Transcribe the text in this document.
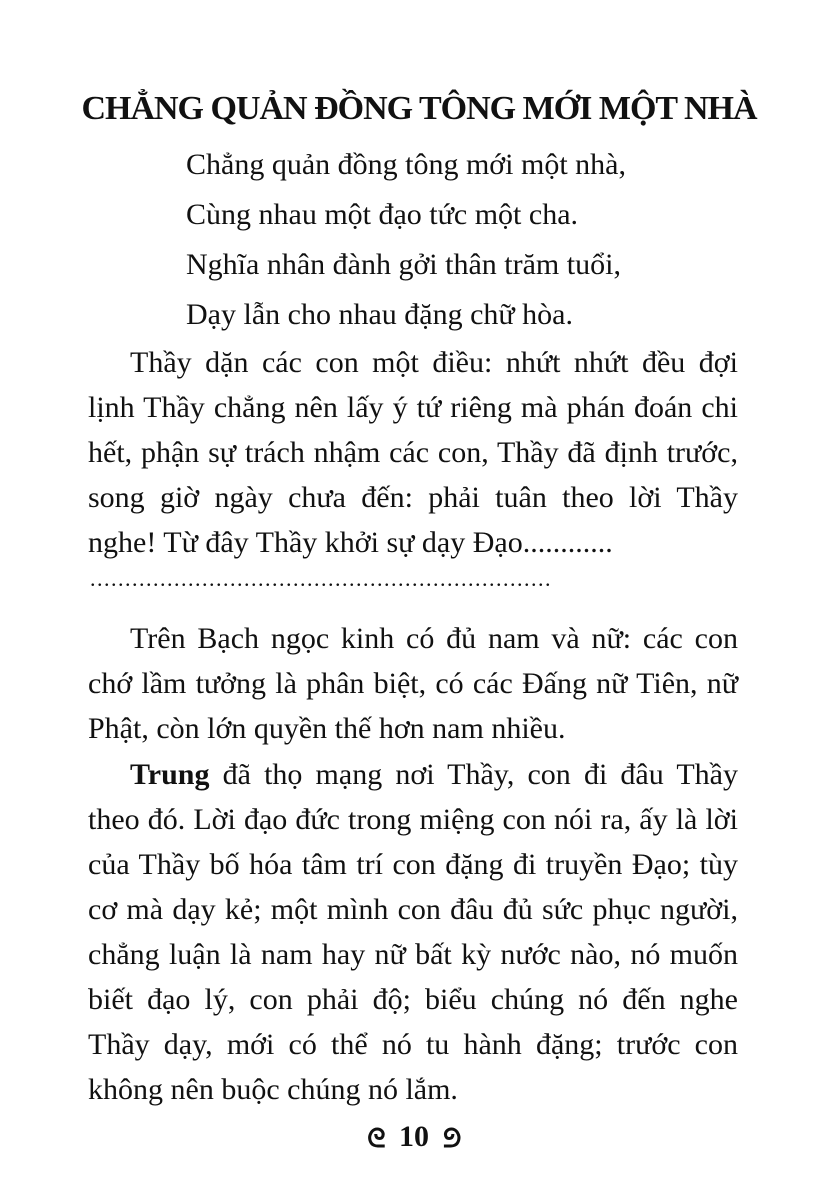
CHẲNG QUẢN ĐỒNG TÔNG MỚI MỘT NHÀ
Chẳng quản đồng tông mới một nhà,
Cùng nhau một đạo tức một cha.
Nghĩa nhân đành gởi thân trăm tuổi,
Dạy lẫn cho nhau đặng chữ hòa.
Thầy dặn các con một điều: nhứt nhứt đều đợi lịnh Thầy chẳng nên lấy ý tứ riêng mà phán đoán chi hết, phận sự trách nhậm các con, Thầy đã định trước, song giờ ngày chưa đến: phải tuân theo lời Thầy nghe! Từ đây Thầy khởi sự dạy Đạo............
..................................................................
Trên Bạch ngọc kinh có đủ nam và nữ: các con chớ lầm tưởng là phân biệt, có các Đấng nữ Tiên, nữ Phật, còn lớn quyền thế hơn nam nhiều.
Trung đã thọ mạng nơi Thầy, con đi đâu Thầy theo đó. Lời đạo đức trong miệng con nói ra, ấy là lời của Thầy bố hóa tâm trí con đặng đi truyền Đạo; tùy cơ mà dạy kẻ; một mình con đâu đủ sức phục người, chẳng luận là nam hay nữ bất kỳ nước nào, nó muốn biết đạo lý, con phải độ; biểu chúng nó đến nghe Thầy dạy, mới có thể nó tu hành đặng; trước con không nên buộc chúng nó lắm.
ᘓ 10 ᘓ
